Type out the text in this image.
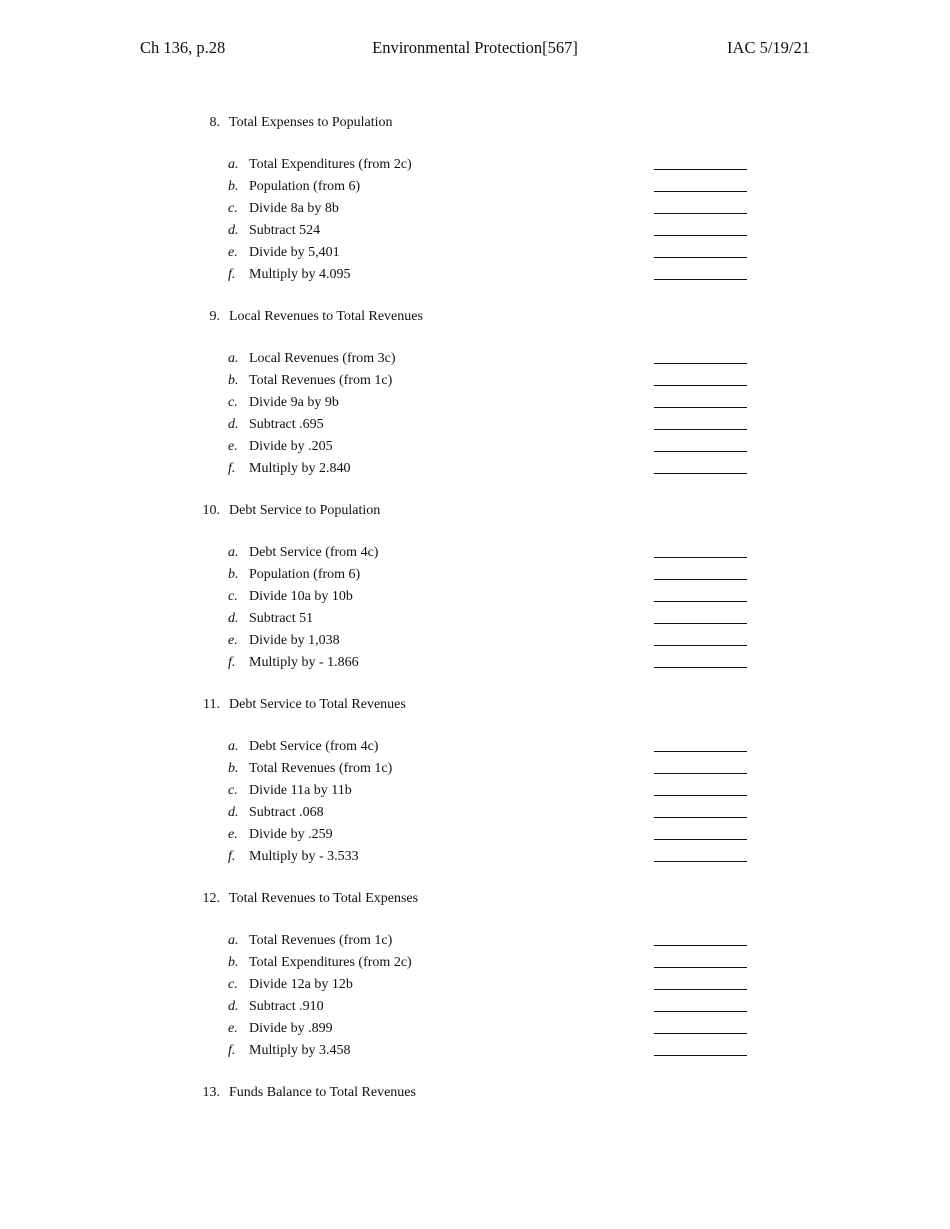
Ch 136, p.28	Environmental Protection[567]	IAC 5/19/21
8. Total Expenses to Population
a. Total Expenditures (from 2c)
b. Population (from 6)
c. Divide 8a by 8b
d. Subtract 524
e. Divide by 5,401
f. Multiply by 4.095
9. Local Revenues to Total Revenues
a. Local Revenues (from 3c)
b. Total Revenues (from 1c)
c. Divide 9a by 9b
d. Subtract .695
e. Divide by .205
f. Multiply by 2.840
10. Debt Service to Population
a. Debt Service (from 4c)
b. Population (from 6)
c. Divide 10a by 10b
d. Subtract 51
e. Divide by 1,038
f. Multiply by - 1.866
11. Debt Service to Total Revenues
a. Debt Service (from 4c)
b. Total Revenues (from 1c)
c. Divide 11a by 11b
d. Subtract .068
e. Divide by .259
f. Multiply by - 3.533
12. Total Revenues to Total Expenses
a. Total Revenues (from 1c)
b. Total Expenditures (from 2c)
c. Divide 12a by 12b
d. Subtract .910
e. Divide by .899
f. Multiply by 3.458
13. Funds Balance to Total Revenues
